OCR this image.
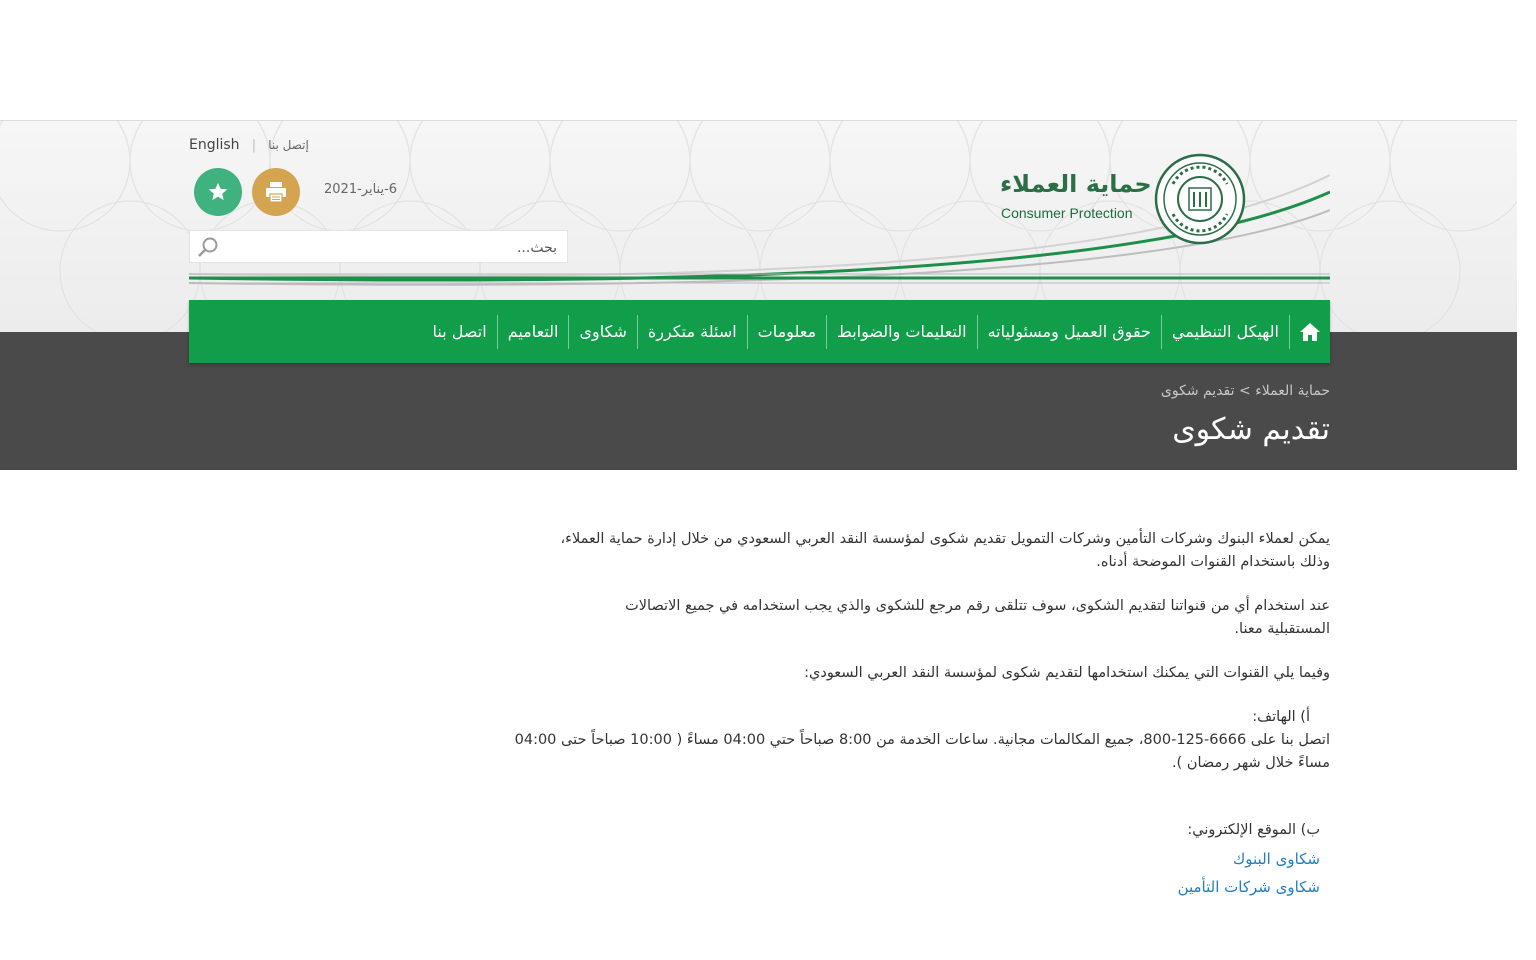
English | إتصل بنا
6-يناير-2021
بحث...	حماية العملاء
Consumer Protection
الهيكل التنظيمي
حقوق العميل ومسئولياته
التعليمات والضوابط
معلومات
اسئلة متكررة
شكاوى
التعاميم
اتصل بنا
حماية العملاء > تقديم شكوى
تقديم شكوى

يمكن لعملاء البنوك وشركات التأمين وشركات التمويل تقديم شكوى لمؤسسة النقد العربي السعودي من خلال إدارة حماية العملاء،

وذلك باستخدام القنوات الموضحة أدناه.

عند استخدام أي من قنواتنا لتقديم الشكوى، سوف تتلقى رقم مرجع للشكوى والذي يجب استخدامه في جميع الاتصالات

المستقبلية معنا.

وفيما يلي القنوات التي يمكنك استخدامها لتقديم شكوى لمؤسسة النقد العربي السعودي:

أ) الهاتف:

اتصل بنا على 6666-125-800، جميع المكالمات مجانية. ساعات الخدمة من 8:00 صباحاً حتي 04:00 مساءً ( 10:00 صباحاً حتى 04:00

مساءً خلال شهر رمضان ).

ب) الموقع الإلكتروني:

شكاوى البنوك
شكاوى شركات التأمين
